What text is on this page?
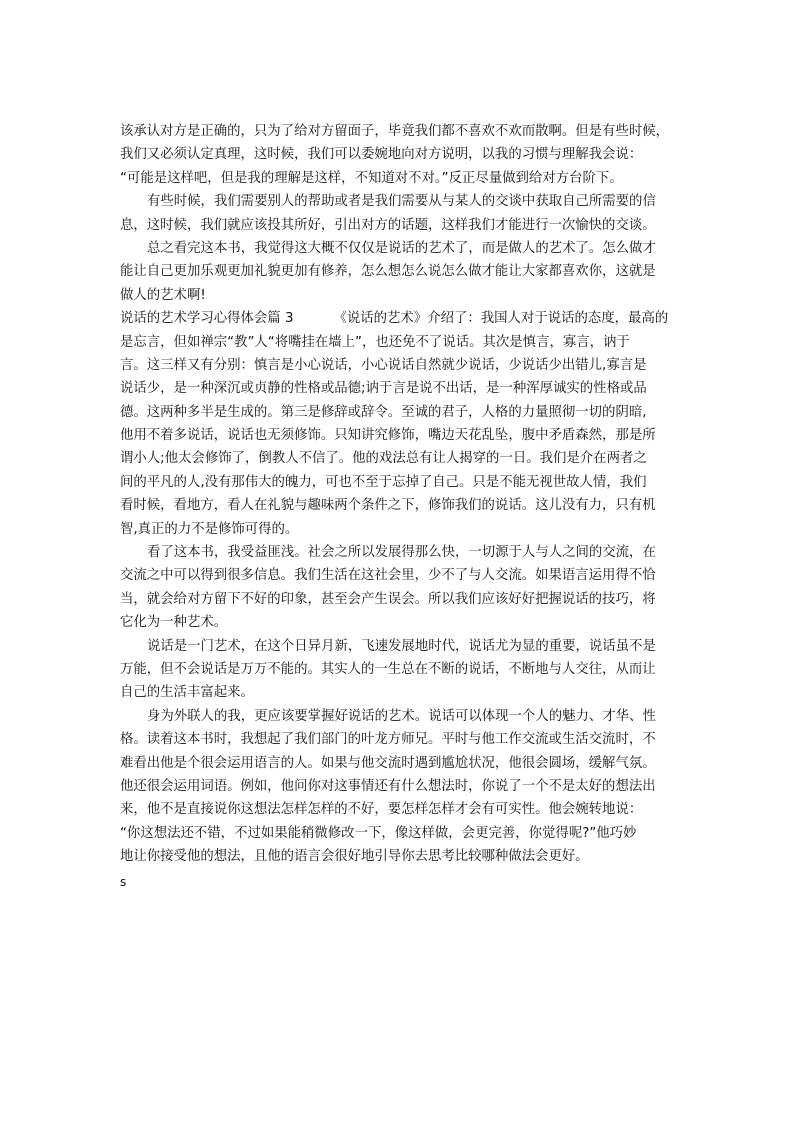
该承认对方是正确的，只为了给对方留面子，毕竟我们都不喜欢不欢而散啊。但是有些时候，
我们又必须认定真理，这时候，我们可以委婉地向对方说明，以我的习惯与理解我会说：
“可能是这样吧，但是我的理解是这样，不知道对不对。”反正尽量做到给对方台阶下。
有些时候，我们需要别人的帮助或者是我们需要从与某人的交谈中获取自己所需要的信
息，这时候，我们就应该投其所好，引出对方的话题，这样我们才能进行一次愉快的交谈。
总之看完这本书，我觉得这大概不仅仅是说话的艺术了，而是做人的艺术了。怎么做才
能让自己更加乐观更加礼貌更加有修养，怎么想怎么说怎么做才能让大家都喜欢你，这就是
做人的艺术啊!
说话的艺术学习心得体会篇 3	《说话的艺术》介绍了：我国人对于说话的态度，最高的
是忘言，但如禅宗“教”人“将嘴挂在墙上”，也还免不了说话。其次是慎言，寡言，讷于
言。这三样又有分别：慎言是小心说话，小心说话自然就少说话，少说话少出错儿,寡言是
说话少，是一种深沉或贞静的性格或品德;讷于言是说不出话，是一种浑厚诚实的性格或品
德。这两种多半是生成的。第三是修辞或辞令。至诚的君子，人格的力量照彻一切的阴暗,
他用不着多说话，说话也无须修饰。只知讲究修饰，嘴边天花乱坠，腹中矛盾森然，那是所
谓小人;他太会修饰了，倒教人不信了。他的戏法总有让人揭穿的一日。我们是介在两者之
间的平凡的人,没有那伟大的魄力，可也不至于忘掉了自己。只是不能无视世故人情，我们
看时候，看地方，看人在礼貌与趣味两个条件之下，修饰我们的说话。这儿没有力，只有机
智,真正的力不是修饰可得的。
看了这本书，我受益匪浅。社会之所以发展得那么快，一切源于人与人之间的交流，在
交流之中可以得到很多信息。我们生活在这社会里，少不了与人交流。如果语言运用得不恰
当，就会给对方留下不好的印象，甚至会产生误会。所以我们应该好好把握说话的技巧，将
它化为一种艺术。
说话是一门艺术，在这个日异月新，飞速发展地时代，说话尤为显的重要，说话虽不是
万能，但不会说话是万万不能的。其实人的一生总在不断的说话，不断地与人交往，从而让
自己的生活丰富起来。
身为外联人的我，更应该要掌握好说话的艺术。说话可以体现一个人的魅力、才华、性
格。读着这本书时，我想起了我们部门的叶龙方师兄。平时与他工作交流或生活交流时，不
难看出他是个很会运用语言的人。如果与他交流时遇到尴尬状况，他很会圆场，缓解气氛。
他还很会运用词语。例如，他问你对这事情还有什么想法时，你说了一个不是太好的想法出
来，他不是直接说你这想法怎样怎样的不好，要怎样怎样才会有可实性。他会婉转地说：
“你这想法还不错，不过如果能稍微修改一下，像这样做，会更完善，你觉得呢?”他巧妙
地让你接受他的想法，且他的语言会很好地引导你去思考比较哪种做法会更好。
s
